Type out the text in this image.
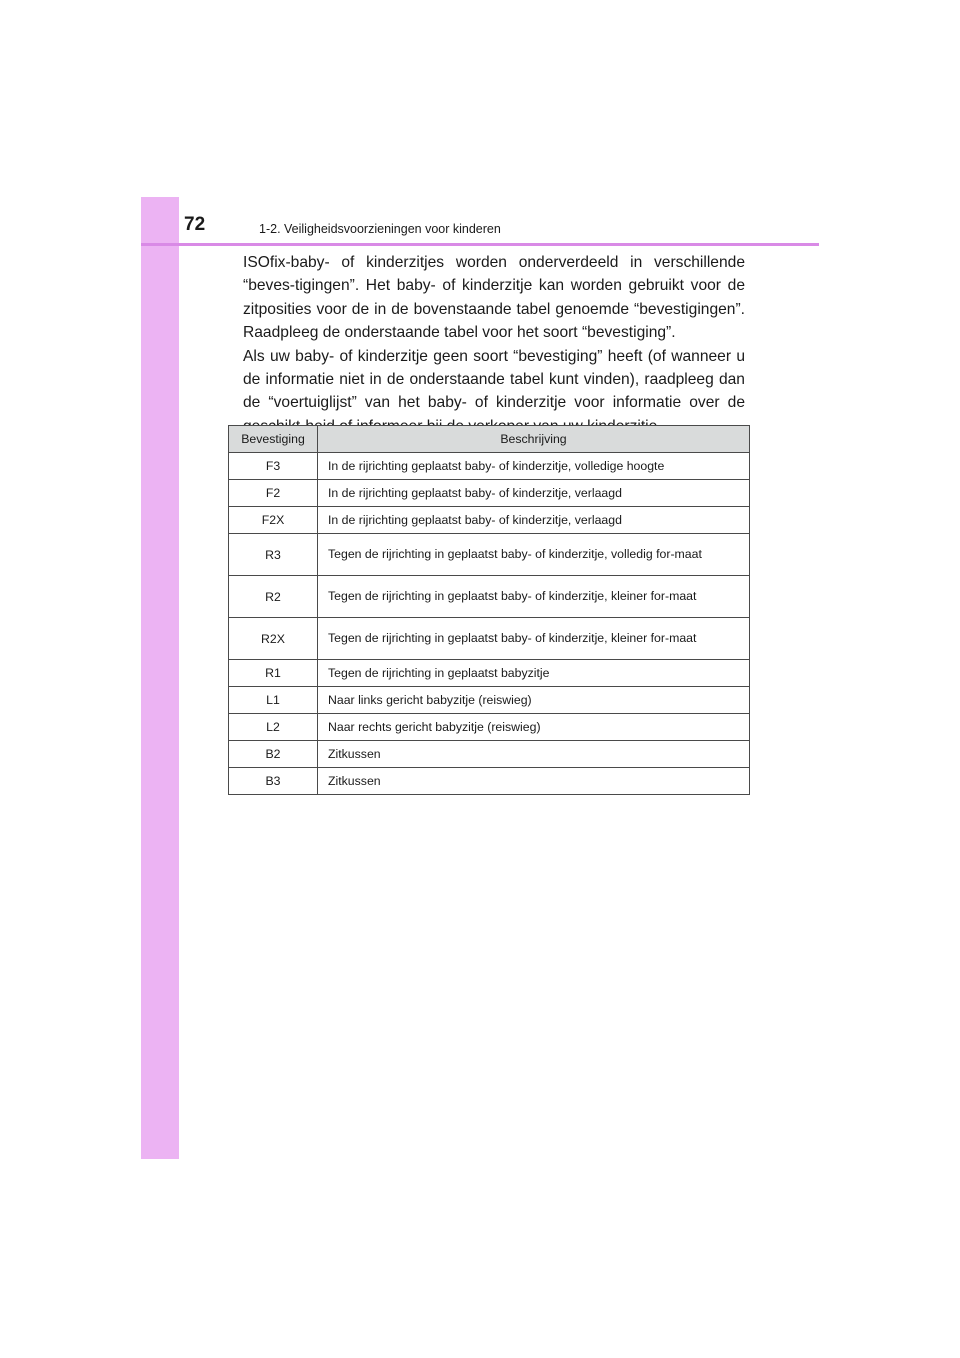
72	1-2. Veiligheidsvoorzieningen voor kinderen

ISOfix-baby- of kinderzitjes worden onderverdeeld in verschillende “beves-tigingen”. Het baby- of kinderzitje kan worden gebruikt voor de zitposities voor de in de bovenstaande tabel genoemde “bevestigingen”. Raadpleeg de onderstaande tabel voor het soort “bevestiging”.

Als uw baby- of kinderzitje geen soort “bevestiging” heeft (of wanneer u de informatie niet in de onderstaande tabel kunt vinden), raadpleeg dan de “voertuiglijst” van het baby- of kinderzitje voor informatie over de

Bevestiging	Beschrijving
F3	In de rijrichting geplaatst baby- of kinderzitje, volledige hoogte
F2	In de rijrichting geplaatst baby- of kinderzitje, verlaagd
F2X	In de rijrichting geplaatst baby- of kinderzitje, verlaagd
R3	Tegen de rijrichting in geplaatst baby- of kinderzitje, volledig for-maat
R2	Tegen de rijrichting in geplaatst baby- of kinderzitje, kleiner for-maat
R2X	Tegen de rijrichting in geplaatst baby- of kinderzitje, kleiner for-maat
R1	Tegen de rijrichting in geplaatst babyzitje
L1	Naar links gericht babyzitje (reiswieg)
L2	Naar rechts gericht babyzitje (reiswieg)
B2	Zitkussen
B3	Zitkussen
